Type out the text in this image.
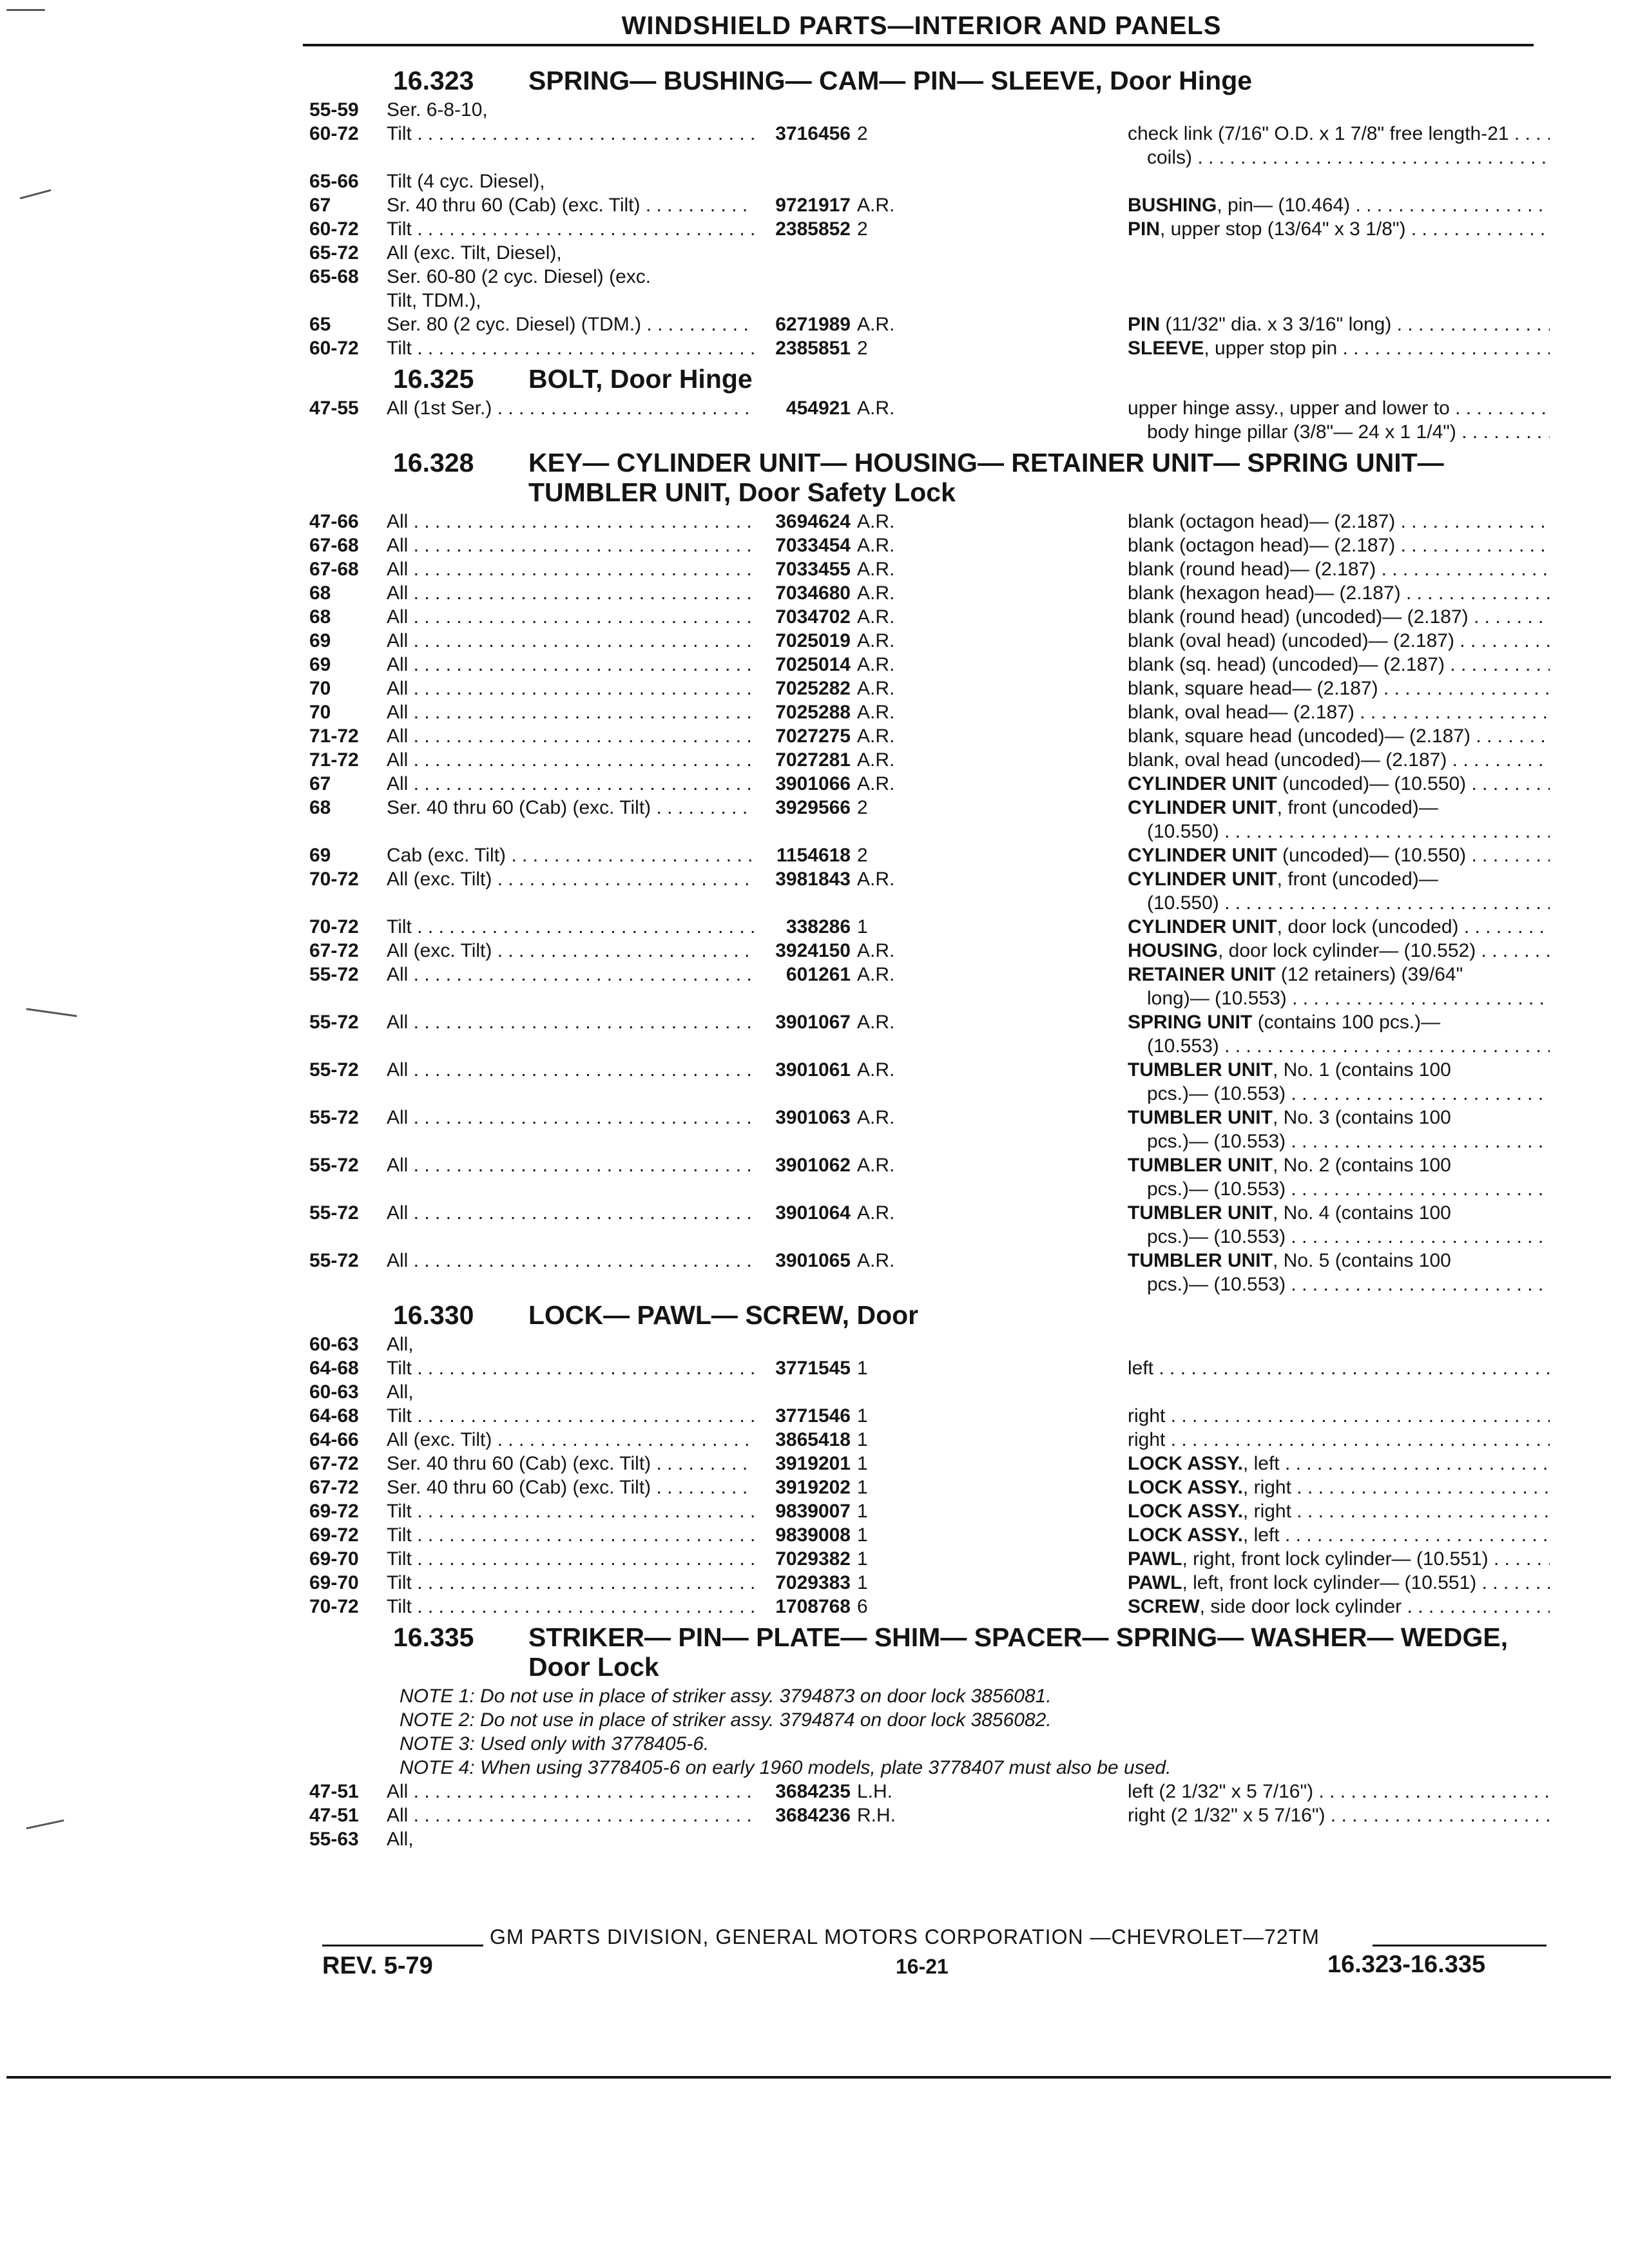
WINDSHIELD PARTS—INTERIOR AND PANELS
16.323	SPRING— BUSHING— CAM— PIN— SLEEVE, Door Hinge
55-59	Ser. 6-8-10,
60-72	Tilt . . .	3716456 2	check link (7/16" O.D. x 1 7/8" free length-21 . . .
coils) . . .
65-66	Tilt (4 cyc. Diesel),
67	Sr. 40 thru 60 (Cab) (exc. Tilt) . . .	9721917 A.R.	BUSHING, pin— (10.464) . . .
60-72	Tilt . . .	2385852 2	PIN, upper stop (13/64" x 3 1/8") . . .
65-72	All (exc. Tilt, Diesel),
65-68	Ser. 60-80 (2 cyc. Diesel) (exc.
Tilt, TDM.),
65	Ser. 80 (2 cyc. Diesel) (TDM.) . . .	6271989 A.R.	PIN (11/32" dia. x 3 3/16" long) . . .
60-72	Tilt . . .	2385851 2	SLEEVE, upper stop pin . . .
16.325	BOLT, Door Hinge
47-55	All (1st Ser.) . . .	454921 A.R.	upper hinge assy., upper and lower to . . .
body hinge pillar (3/8"— 24 x 1 1/4") . . .
16.328	KEY— CYLINDER UNIT— HOUSING— RETAINER UNIT— SPRING UNIT— TUMBLER UNIT, Door Safety Lock
47-66	All . . .	3694624 A.R.	blank (octagon head)— (2.187) . . .
67-68	All . . .	7033454 A.R.	blank (octagon head)— (2.187) . . .
67-68	All . . .	7033455 A.R.	blank (round head)— (2.187) . . .
68	All . . .	7034680 A.R.	blank (hexagon head)— (2.187) . . .
68	All . . .	7034702 A.R.	blank (round head) (uncoded)— (2.187) . . .
69	All . . .	7025019 A.R.	blank (oval head) (uncoded)— (2.187) . . .
69	All . . .	7025014 A.R.	blank (sq. head) (uncoded)— (2.187) . . .
70	All . . .	7025282 A.R.	blank, square head— (2.187) . . .
70	All . . .	7025288 A.R.	blank, oval head— (2.187) . . .
71-72	All . . .	7027275 A.R.	blank, square head (uncoded)— (2.187) . . .
71-72	All . . .	7027281 A.R.	blank, oval head (uncoded)— (2.187) . . .
67	All . . .	3901066 A.R.	CYLINDER UNIT (uncoded)— (10.550) . . .
68	Ser. 40 thru 60 (Cab) (exc. Tilt) . . .	3929566 2	CYLINDER UNIT, front (uncoded)—
(10.550) . . .
69	Cab (exc. Tilt) . . .	1154618 2	CYLINDER UNIT (uncoded)— (10.550) . . .
70-72	All (exc. Tilt) . . .	3981843 A.R.	CYLINDER UNIT, front (uncoded)—
(10.550) . . .
70-72	Tilt . . .	338286 1	CYLINDER UNIT, door lock (uncoded) . . .
67-72	All (exc. Tilt) . . .	3924150 A.R.	HOUSING, door lock cylinder— (10.552) . . .
55-72	All . . .	601261 A.R.	RETAINER UNIT (12 retainers) (39/64"
long)— (10.553) . . .
55-72	All . . .	3901067 A.R.	SPRING UNIT (contains 100 pcs.)—
(10.553) . . .
55-72	All . . .	3901061 A.R.	TUMBLER UNIT, No. 1 (contains 100
pcs.)— (10.553) . . .
55-72	All . . .	3901063 A.R.	TUMBLER UNIT, No. 3 (contains 100
pcs.)— (10.553) . . .
55-72	All . . .	3901062 A.R.	TUMBLER UNIT, No. 2 (contains 100
pcs.)— (10.553) . . .
55-72	All . . .	3901064 A.R.	TUMBLER UNIT, No. 4 (contains 100
pcs.)— (10.553) . . .
55-72	All . . .	3901065 A.R.	TUMBLER UNIT, No. 5 (contains 100
pcs.)— (10.553) . . .
16.330	LOCK— PAWL— SCREW, Door
60-63	All,
64-68	Tilt . . .	3771545 1	left . . .
60-63	All,
64-68	Tilt . . .	3771546 1	right . . .
64-66	All (exc. Tilt) . . .	3865418 1	right . . .
67-72	Ser. 40 thru 60 (Cab) (exc. Tilt) . . .	3919201 1	LOCK ASSY., left . . .
67-72	Ser. 40 thru 60 (Cab) (exc. Tilt) . . .	3919202 1	LOCK ASSY., right . . .
69-72	Tilt . . .	9839007 1	LOCK ASSY., right . . .
69-72	Tilt . . .	9839008 1	LOCK ASSY., left . . .
69-70	Tilt . . .	7029382 1	PAWL, right, front lock cylinder— (10.551) . . .
69-70	Tilt . . .	7029383 1	PAWL, left, front lock cylinder— (10.551) . . .
70-72	Tilt . . .	1708768 6	SCREW, side door lock cylinder . . .
16.335	STRIKER— PIN— PLATE— SHIM— SPACER— SPRING— WASHER— WEDGE, Door Lock
NOTE 1: Do not use in place of striker assy. 3794873 on door lock 3856081.
NOTE 2: Do not use in place of striker assy. 3794874 on door lock 3856082.
NOTE 3: Used only with 3778405-6.
NOTE 4: When using 3778405-6 on early 1960 models, plate 3778407 must also be used.
47-51	All . . .	3684235 L.H.	left (2 1/32" x 5 7/16") . . .
47-51	All . . .	3684236 R.H.	right (2 1/32" x 5 7/16") . . .
55-63	All,
GM PARTS DIVISION, GENERAL MOTORS CORPORATION —CHEVROLET—72TM
REV. 5-79	16-21	16.323-16.335
